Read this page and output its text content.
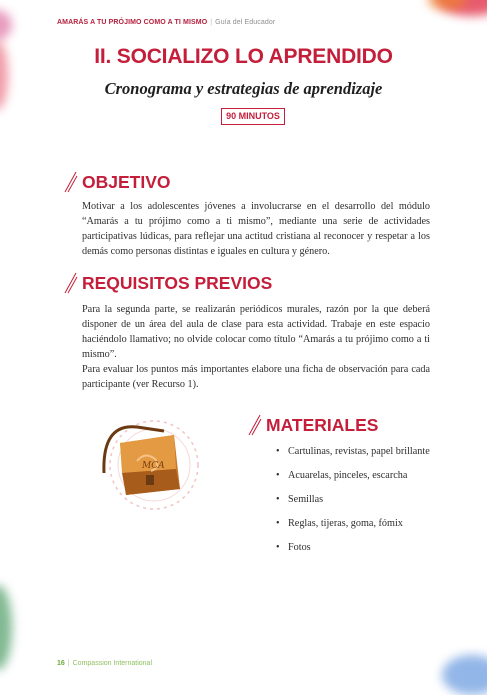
AMARÁS A TU PRÓJIMO COMO A TI MISMO | Guía del Educador
II. SOCIALIZO LO APRENDIDO
Cronograma y estrategias de aprendizaje
90 MINUTOS
OBJETIVO
Motivar a los adolescentes jóvenes a involucrarse en el desarrollo del módulo “Amarás a tu prójimo como a ti mismo”, mediante una serie de actividades participativas lúdicas, para reflejar una actitud cristiana al reconocer y respetar a los demás como personas distintas e iguales en cultura y género.
REQUISITOS PREVIOS
Para la segunda parte, se realizarán periódicos murales, razón por la que deberá disponer de un área del aula de clase para esta actividad. Trabaje en este espacio haciéndolo llamativo; no olvide colocar como título “Amarás a tu prójimo como a ti mismo”.
Para evaluar los puntos más importantes elabore una ficha de observación para cada participante (ver Recurso 1).
MCA
MATERIALES
• Cartulinas, revistas, papel brillante
• Acuarelas, pinceles, escarcha
• Semillas
• Reglas, tijeras, goma, fómix
• Fotos
16 | Compassion International
